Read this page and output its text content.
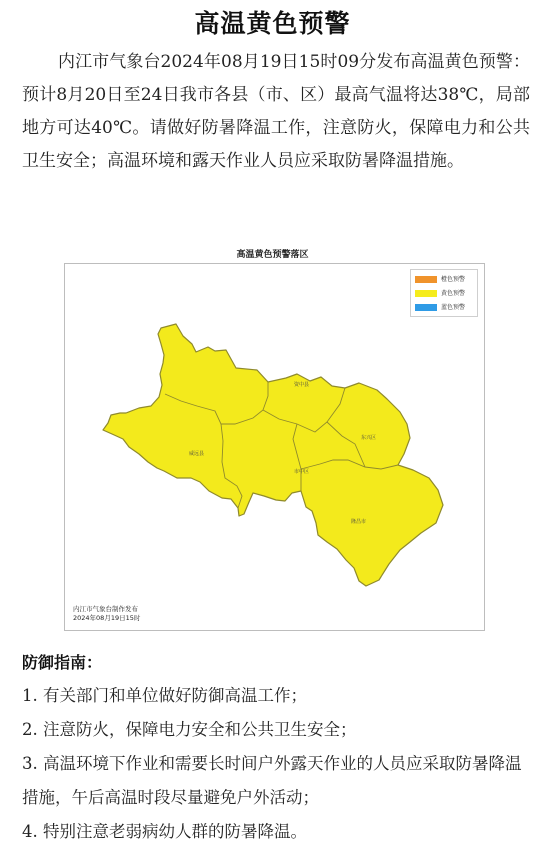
高温黄色预警
内江市气象台2024年08月19日15时09分发布高温黄色预警：预计8月20日至24日我市各县（市、区）最高气温将达38℃，局部地方可达40℃。请做好防暑降温工作，注意防火，保障电力和公共卫生安全；高温环境和露天作业人员应采取防暑降温措施。
高温黄色预警落区
橙色预警
黄色预警
蓝色预警
威远县
资中县
东兴区
市中区
隆昌市
内江市气象台制作发布
2024年08月19日15时
防御指南：
1. 有关部门和单位做好防御高温工作；
2. 注意防火，保障电力安全和公共卫生安全；
3. 高温环境下作业和需要长时间户外露天作业的人员应采取防暑降温措施，午后高温时段尽量避免户外活动；
4. 特别注意老弱病幼人群的防暑降温。
